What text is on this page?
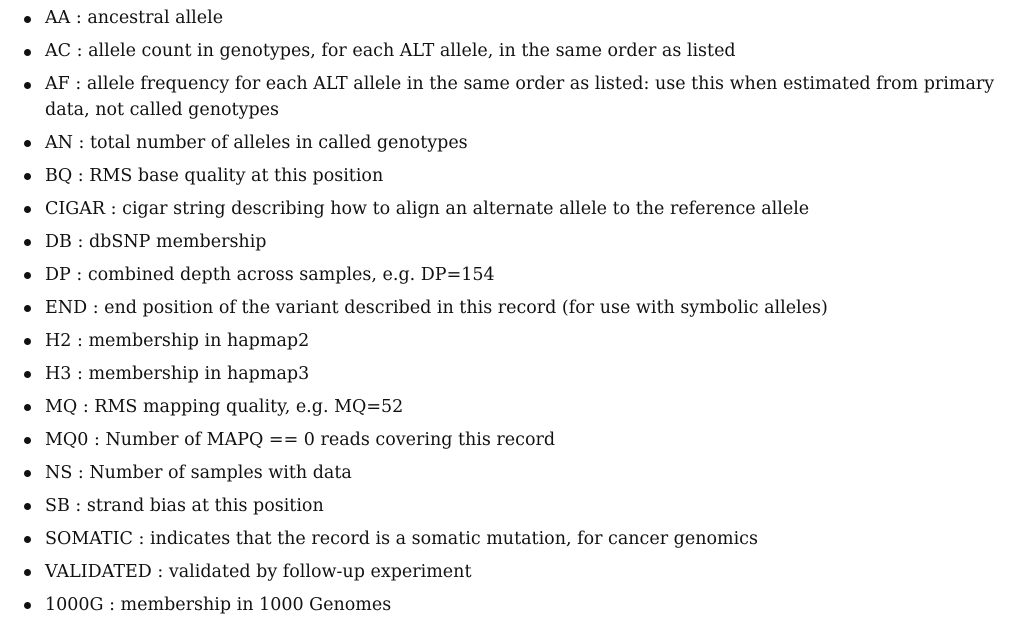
AA : ancestral allele
AC : allele count in genotypes, for each ALT allele, in the same order as listed
AF : allele frequency for each ALT allele in the same order as listed: use this when estimated from primary data, not called genotypes
AN : total number of alleles in called genotypes
BQ : RMS base quality at this position
CIGAR : cigar string describing how to align an alternate allele to the reference allele
DB : dbSNP membership
DP : combined depth across samples, e.g. DP=154
END : end position of the variant described in this record (for use with symbolic alleles)
H2 : membership in hapmap2
H3 : membership in hapmap3
MQ : RMS mapping quality, e.g. MQ=52
MQ0 : Number of MAPQ == 0 reads covering this record
NS : Number of samples with data
SB : strand bias at this position
SOMATIC : indicates that the record is a somatic mutation, for cancer genomics
VALIDATED : validated by follow-up experiment
1000G : membership in 1000 Genomes
